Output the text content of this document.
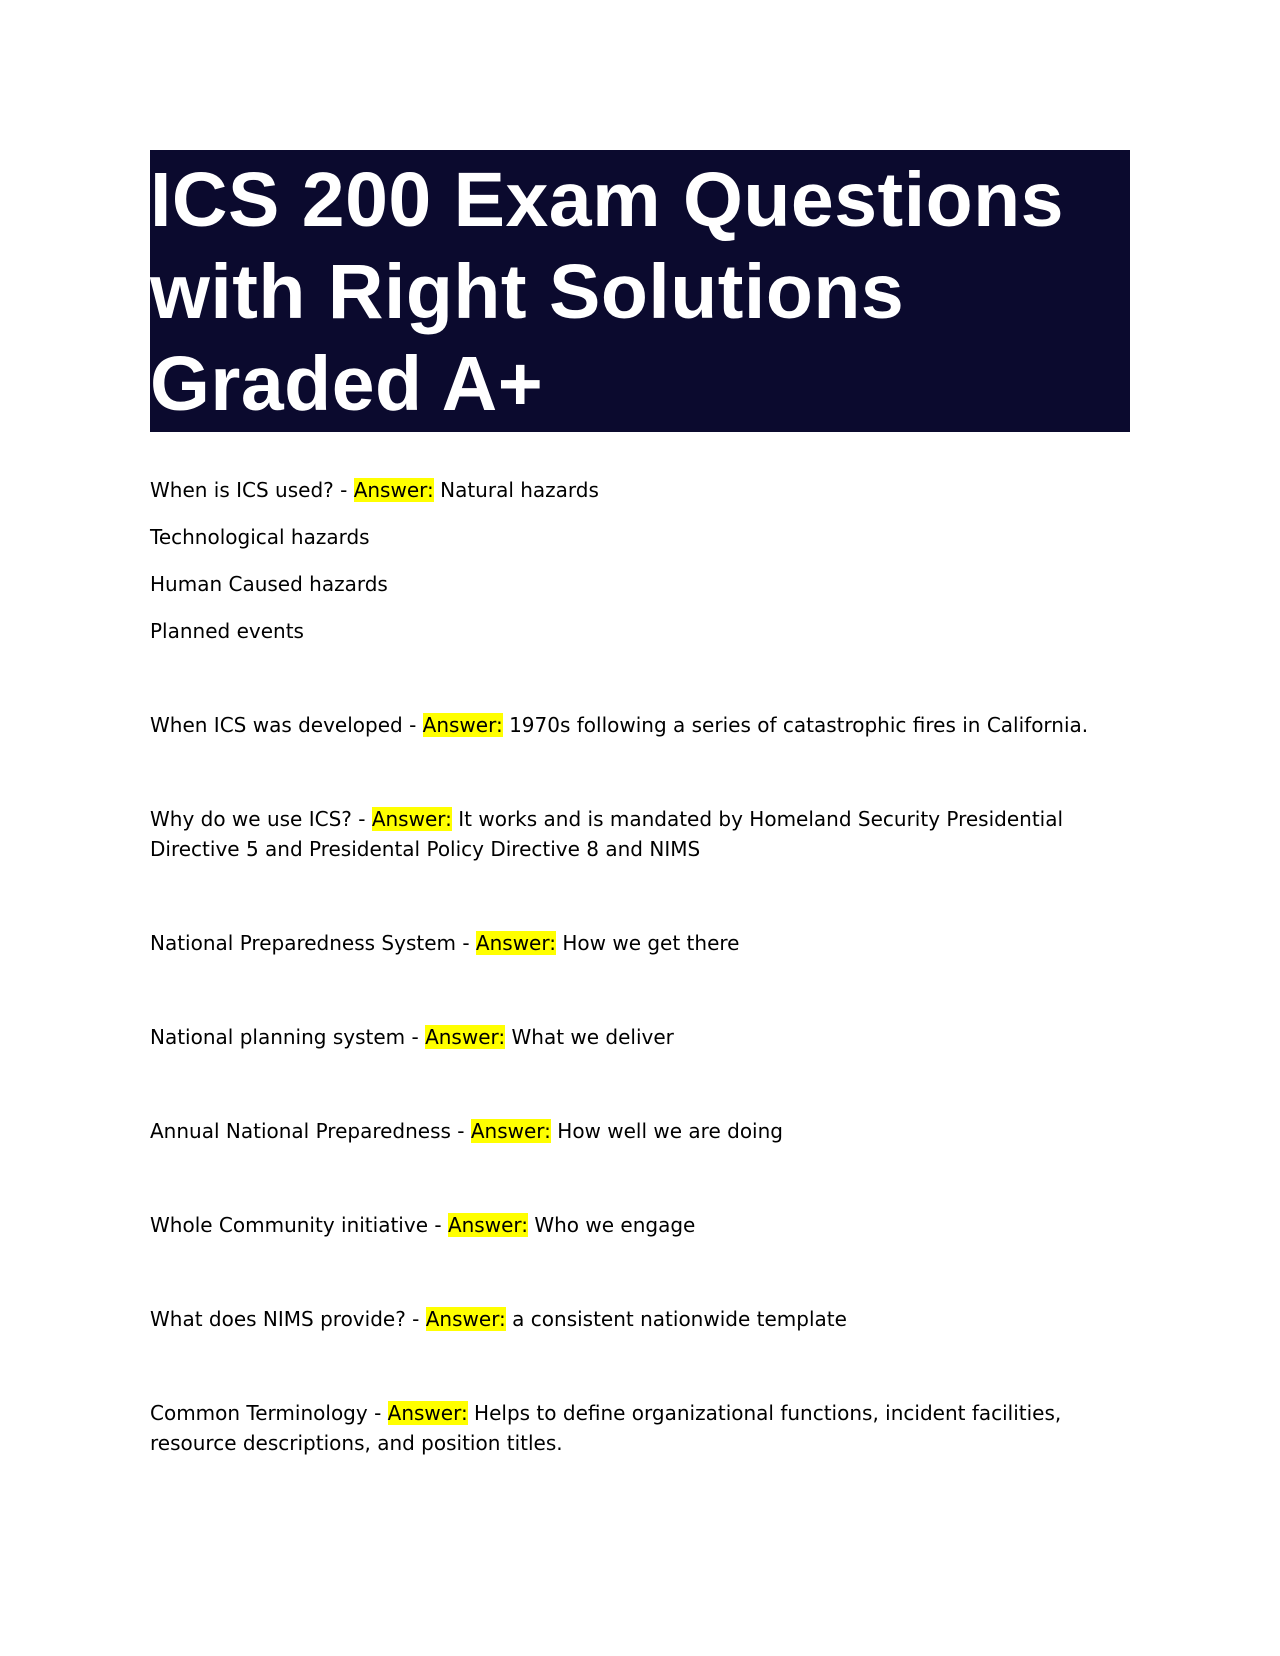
ICS 200 Exam Questions with Right Solutions Graded A+
When is ICS used? - Answer: Natural hazards
Technological hazards
Human Caused hazards
Planned events
When ICS was developed - Answer: 1970s following a series of catastrophic fires in California.
Why do we use ICS? - Answer: It works and is mandated by Homeland Security Presidential Directive 5 and Presidental Policy Directive 8 and NIMS
National Preparedness System - Answer: How we get there
National planning system - Answer: What we deliver
Annual National Preparedness - Answer: How well we are doing
Whole Community initiative - Answer: Who we engage
What does NIMS provide? - Answer: a consistent nationwide template
Common Terminology - Answer: Helps to define organizational functions, incident facilities, resource descriptions, and position titles.
